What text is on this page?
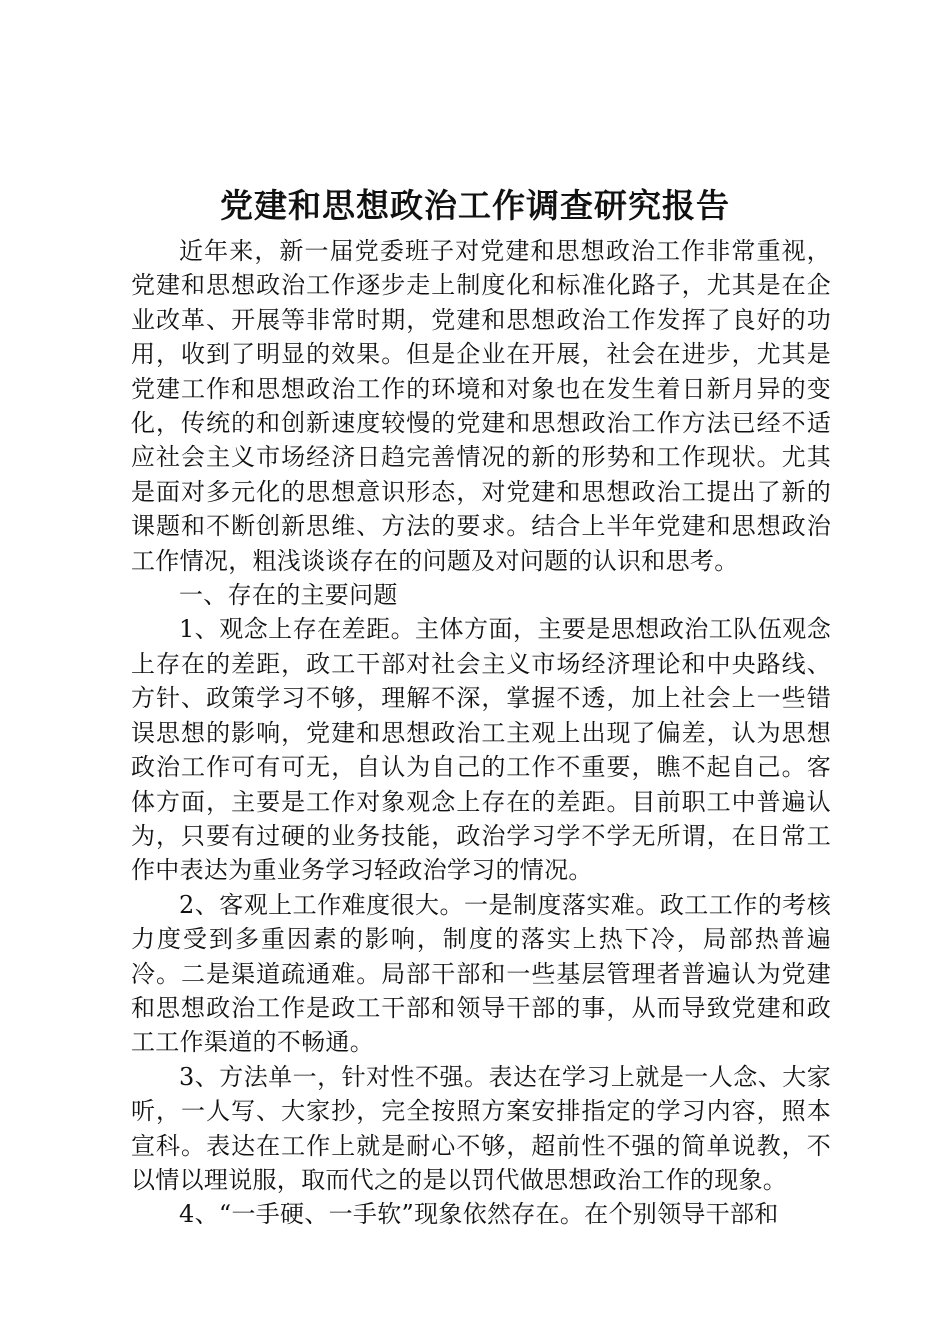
党建和思想政治工作调查研究报告

近年来，新一届党委班子对党建和思想政治工作非常重视，党建和思想政治工作逐步走上制度化和标准化路子，尤其是在企业改革、开展等非常时期，党建和思想政治工作发挥了良好的功用，收到了明显的效果。但是企业在开展，社会在进步，尤其是党建工作和思想政治工作的环境和对象也在发生着日新月异的变化，传统的和创新速度较慢的党建和思想政治工作方法已经不适应社会主义市场经济日趋完善情况的新的形势和工作现状。尤其是面对多元化的思想意识形态，对党建和思想政治工提出了新的课题和不断创新思维、方法的要求。结合上半年党建和思想政治工作情况，粗浅谈谈存在的问题及对问题的认识和思考。

一、存在的主要问题

1、观念上存在差距。主体方面，主要是思想政治工队伍观念上存在的差距，政工干部对社会主义市场经济理论和中央路线、方针、政策学习不够，理解不深，掌握不透，加上社会上一些错误思想的影响，党建和思想政治工主观上出现了偏差，认为思想政治工作可有可无，自认为自己的工作不重要，瞧不起自己。客体方面，主要是工作对象观念上存在的差距。目前职工中普遍认为，只要有过硬的业务技能，政治学习学不学无所谓，在日常工作中表达为重业务学习轻政治学习的情况。

2、客观上工作难度很大。一是制度落实难。政工工作的考核力度受到多重因素的影响，制度的落实上热下冷，局部热普遍冷。二是渠道疏通难。局部干部和一些基层管理者普遍认为党建和思想政治工作是政工干部和领导干部的事，从而导致党建和政工工作渠道的不畅通。

3、方法单一，针对性不强。表达在学习上就是一人念、大家听，一人写、大家抄，完全按照方案安排指定的学习内容，照本宣科。表达在工作上就是耐心不够，超前性不强的简单说教，不以情以理说服，取而代之的是以罚代做思想政治工作的现象。

4、“一手硬、一手软”现象依然存在。在个别领导干部和
